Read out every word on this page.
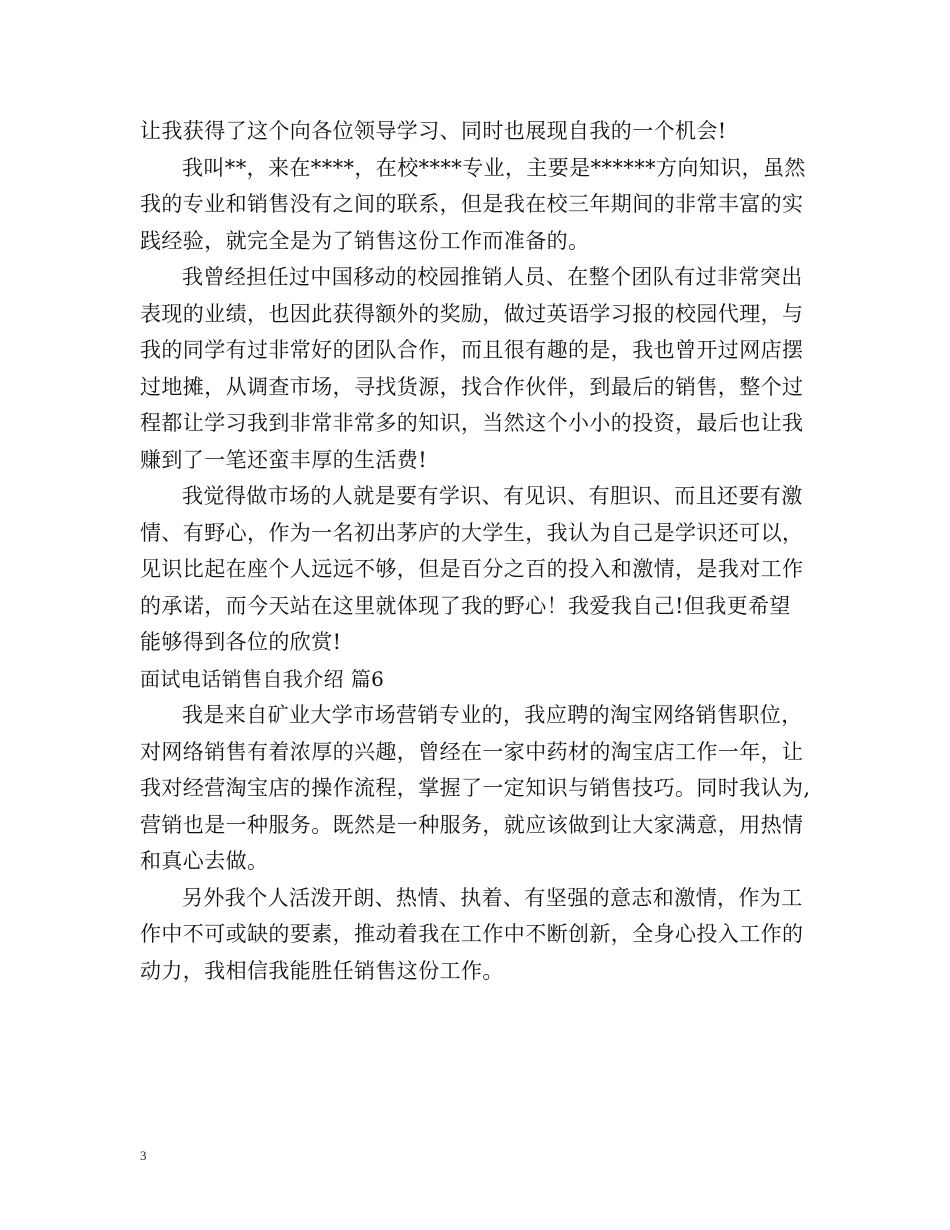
让我获得了这个向各位领导学习、同时也展现自我的一个机会!
我叫**，来在****，在校****专业，主要是******方向知识，虽然
我的专业和销售没有之间的联系，但是我在校三年期间的非常丰富的实
践经验，就完全是为了销售这份工作而准备的。
我曾经担任过中国移动的校园推销人员、在整个团队有过非常突出
表现的业绩，也因此获得额外的奖励，做过英语学习报的校园代理，与
我的同学有过非常好的团队合作，而且很有趣的是，我也曾开过网店摆
过地摊，从调查市场，寻找货源，找合作伙伴，到最后的销售，整个过
程都让学习我到非常非常多的知识，当然这个小小的投资，最后也让我
赚到了一笔还蛮丰厚的生活费!
我觉得做市场的人就是要有学识、有见识、有胆识、而且还要有激
情、有野心，作为一名初出茅庐的大学生，我认为自己是学识还可以，
见识比起在座个人远远不够，但是百分之百的投入和激情，是我对工作
的承诺，而今天站在这里就体现了我的野心！我爱我自己!但我更希望
能够得到各位的欣赏!
面试电话销售自我介绍 篇6
我是来自矿业大学市场营销专业的，我应聘的淘宝网络销售职位，
对网络销售有着浓厚的兴趣，曾经在一家中药材的淘宝店工作一年，让
我对经营淘宝店的操作流程，掌握了一定知识与销售技巧。同时我认为,
营销也是一种服务。既然是一种服务，就应该做到让大家满意，用热情
和真心去做。
另外我个人活泼开朗、热情、执着、有坚强的意志和激情，作为工
作中不可或缺的要素，推动着我在工作中不断创新，全身心投入工作的
动力，我相信我能胜任销售这份工作。
3
